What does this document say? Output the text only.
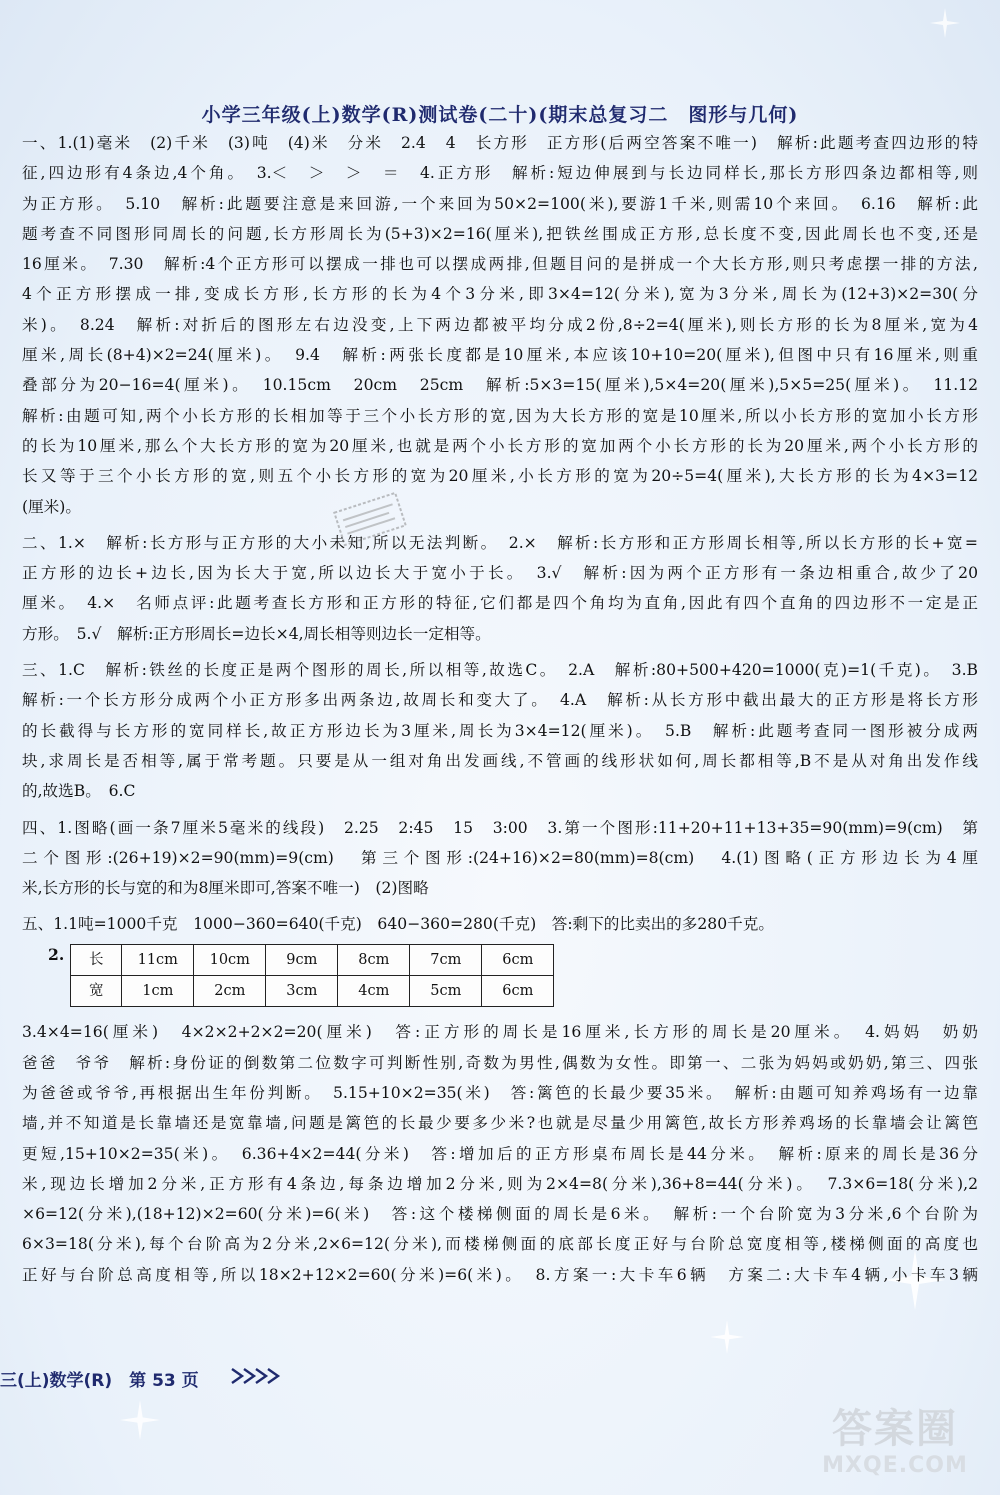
小学三年级(上)数学(R)测试卷(二十)(期末总复习二　图形与几何)
一、1.(1)毫米　(2)千米　(3)吨　(4)米　分米　2.4　4　长方形　正方形(后两空答案不唯一)　解析:此题考查四边形的特
征,四边形有4条边,4个角。　3.＜　＞　＞　＝　4.正方形　解析:短边伸展到与长边同样长,那长方形四条边都相等,则
为正方形。　5.10　解析:此题要注意是来回游,一个来回为50×2=100(米),要游1千米,则需10个来回。　6.16　解析:此
题考查不同图形同周长的问题,长方形周长为(5+3)×2=16(厘米),把铁丝围成正方形,总长度不变,因此周长也不变,还是
16厘米。　7.30　解析:4个正方形可以摆成一排也可以摆成两排,但题目问的是拼成一个大长方形,则只考虑摆一排的方法,
4个正方形摆成一排,变成长方形,长方形的长为4个3分米,即3×4=12(分米),宽为3分米,周长为(12+3)×2=30(分
米)。　8.24　解析:对折后的图形左右边没变,上下两边都被平均分成2份,8÷2=4(厘米),则长方形的长为8厘米,宽为4
厘米,周长(8+4)×2=24(厘米)。　9.4　解析:两张长度都是10厘米,本应该10+10=20(厘米),但图中只有16厘米,则重
叠部分为20−16=4(厘米)。　10.15cm　20cm　25cm　解析:5×3=15(厘米),5×4=20(厘米),5×5=25(厘米)。　11.12
解析:由题可知,两个小长方形的长相加等于三个小长方形的宽,因为大长方形的宽是10厘米,所以小长方形的宽加小长方形
的长为10厘米,那么个大长方形的宽为20厘米,也就是两个小长方形的宽加两个小长方形的长为20厘米,两个小长方形的
长又等于三个小长方形的宽,则五个小长方形的宽为20厘米,小长方形的宽为20÷5=4(厘米),大长方形的长为4×3=12
(厘米)。
二、1.×　解析:长方形与正方形的大小未知,所以无法判断。　2.×　解析:长方形和正方形周长相等,所以长方形的长+宽=
正方形的边长+边长,因为长大于宽,所以边长大于宽小于长。　3.√　解析:因为两个正方形有一条边相重合,故少了20
厘米。　4.×　名师点评:此题考查长方形和正方形的特征,它们都是四个角均为直角,因此有四个直角的四边形不一定是正
方形。　5.√　解析:正方形周长=边长×4,周长相等则边长一定相等。
三、1.C　解析:铁丝的长度正是两个图形的周长,所以相等,故选C。　2.A　解析:80+500+420=1000(克)=1(千克)。　3.B
解析:一个长方形分成两个小正方形多出两条边,故周长和变大了。　4.A　解析:从长方形中截出最大的正方形是将长方形
的长截得与长方形的宽同样长,故正方形边长为3厘米,周长为3×4=12(厘米)。　5.B　解析:此题考查同一图形被分成两
块,求周长是否相等,属于常考题。只要是从一组对角出发画线,不管画的线形状如何,周长都相等,B不是从对角出发作线
的,故选B。　6.C
四、1.图略(画一条7厘米5毫米的线段)　2.25　2:45　15　3:00　3.第一个图形:11+20+11+13+35=90(mm)=9(cm)　第
二个图形:(26+19)×2=90(mm)=9(cm)　第三个图形:(24+16)×2=80(mm)=8(cm)　4.(1)图略(正方形边长为4厘
米,长方形的长与宽的和为8厘米即可,答案不唯一)　(2)图略
五、1.1吨=1000千克　1000−360=640(千克)　640−360=280(千克)　答:剩下的比卖出的多280千克。
2. 长	11cm	10cm	9cm	8cm	7cm	6cm
宽	1cm	2cm	3cm	4cm	5cm	6cm
3.4×4=16(厘米)　4×2×2+2×2=20(厘米)　答:正方形的周长是16厘米,长方形的周长是20厘米。　4.妈妈　奶奶
爸爸　爷爷　解析:身份证的倒数第二位数字可判断性别,奇数为男性,偶数为女性。即第一、二张为妈妈或奶奶,第三、四张
为爸爸或爷爷,再根据出生年份判断。　5.15+10×2=35(米)　答:篱笆的长最少要35米。　解析:由题可知养鸡场有一边靠
墙,并不知道是长靠墙还是宽靠墙,问题是篱笆的长最少要多少米?也就是尽量少用篱笆,故长方形养鸡场的长靠墙会让篱笆
更短,15+10×2=35(米)。　6.36+4×2=44(分米)　答:增加后的正方形桌布周长是44分米。　解析:原来的周长是36分
米,现边长增加2分米,正方形有4条边,每条边增加2分米,则为2×4=8(分米),36+8=44(分米)。　7.3×6=18(分米),2
×6=12(分米),(18+12)×2=60(分米)=6(米)　答:这个楼梯侧面的周长是6米。　解析:一个台阶宽为3分米,6个台阶为
6×3=18(分米),每个台阶高为2分米,2×6=12(分米),而楼梯侧面的底部长度正好与台阶总宽度相等,楼梯侧面的高度也
正好与台阶总高度相等,所以18×2+12×2=60(分米)=6(米)。　8.方案一:大卡车6辆　方案二:大卡车4辆,小卡车3辆
三(上)数学(R)　第 53 页
答案圈
MXQE.COM
